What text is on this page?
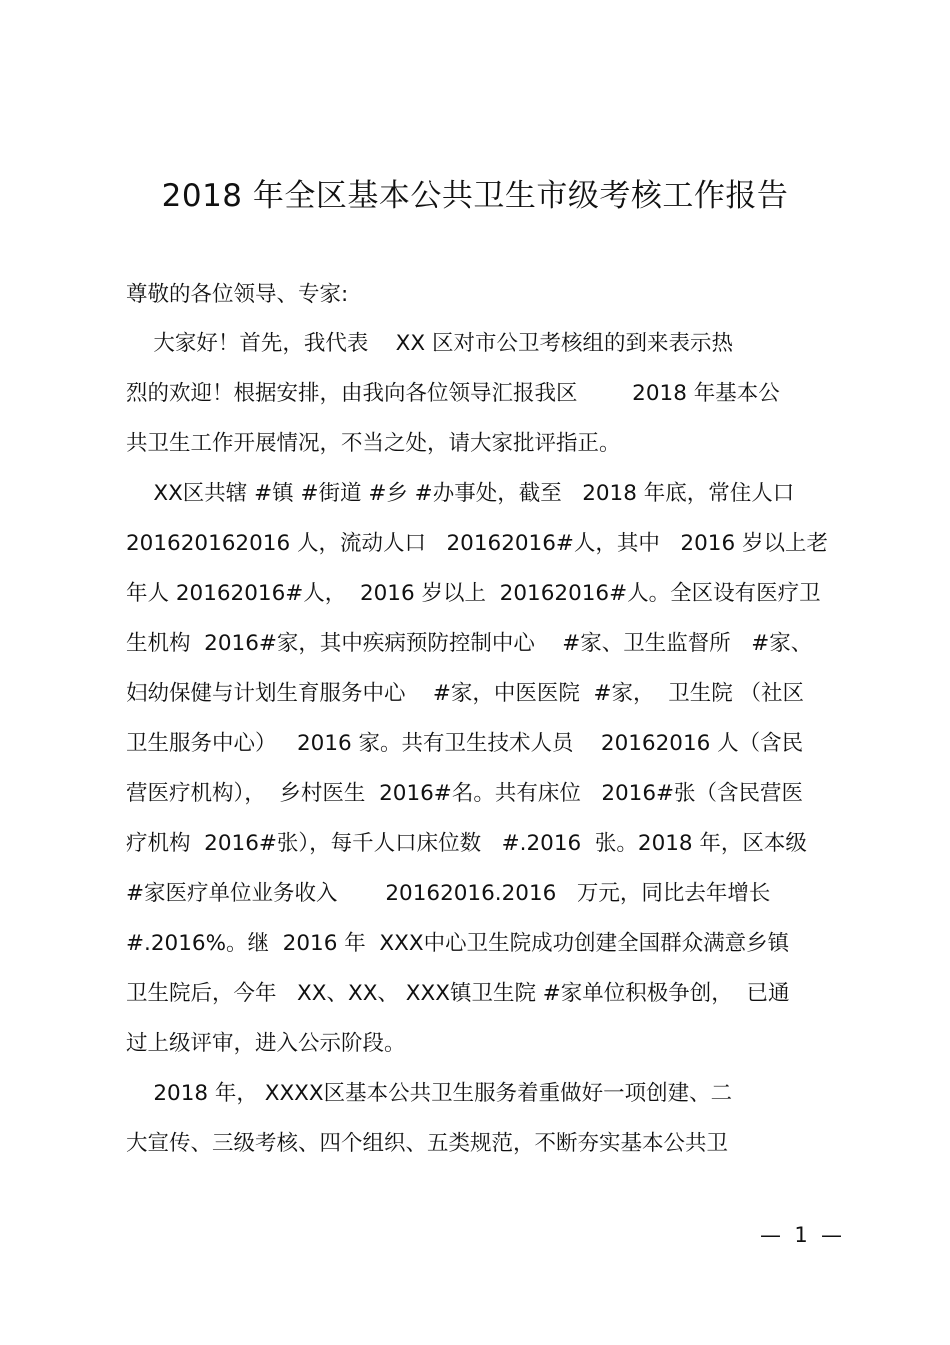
2018 年全区基本公共卫生市级考核工作报告

尊敬的各位领导、专家:

大家好！首先，我代表    XX 区对市公卫考核组的到来表示热

烈的欢迎！根据安排，由我向各位领导汇报我区        2018 年基本公

共卫生工作开展情况，不当之处，请大家批评指正。

XX区共辖 #镇 #街道 #乡 #办事处，截至   2018 年底，常住人口

201620162016 人，流动人口   20162016#人，其中   2016 岁以上老

年人 20162016#人，  2016 岁以上  20162016#人。全区设有医疗卫

生机构  2016#家，其中疾病预防控制中心    #家、卫生监督所   #家、

妇幼保健与计划生育服务中心    #家，中医医院  #家，  卫生院 （社区

卫生服务中心）   2016 家。共有卫生技术人员    20162016 人（含民

营医疗机构），  乡村医生  2016#名。共有床位   2016#张（含民营医

疗机构  2016#张），每千人口床位数   #.2016  张。2018 年，区本级

#家医疗单位业务收入       20162016.2016   万元，同比去年增长

#.2016%。继  2016 年  XXX中心卫生院成功创建全国群众满意乡镇

卫生院后，今年   XX、XX、 XXX镇卫生院 #家单位积极争创，  已通

过上级评审，进入公示阶段。

2018 年， XXXX区基本公共卫生服务着重做好一项创建、二

大宣传、三级考核、四个组织、五类规范，不断夯实基本公共卫

—  1  —
